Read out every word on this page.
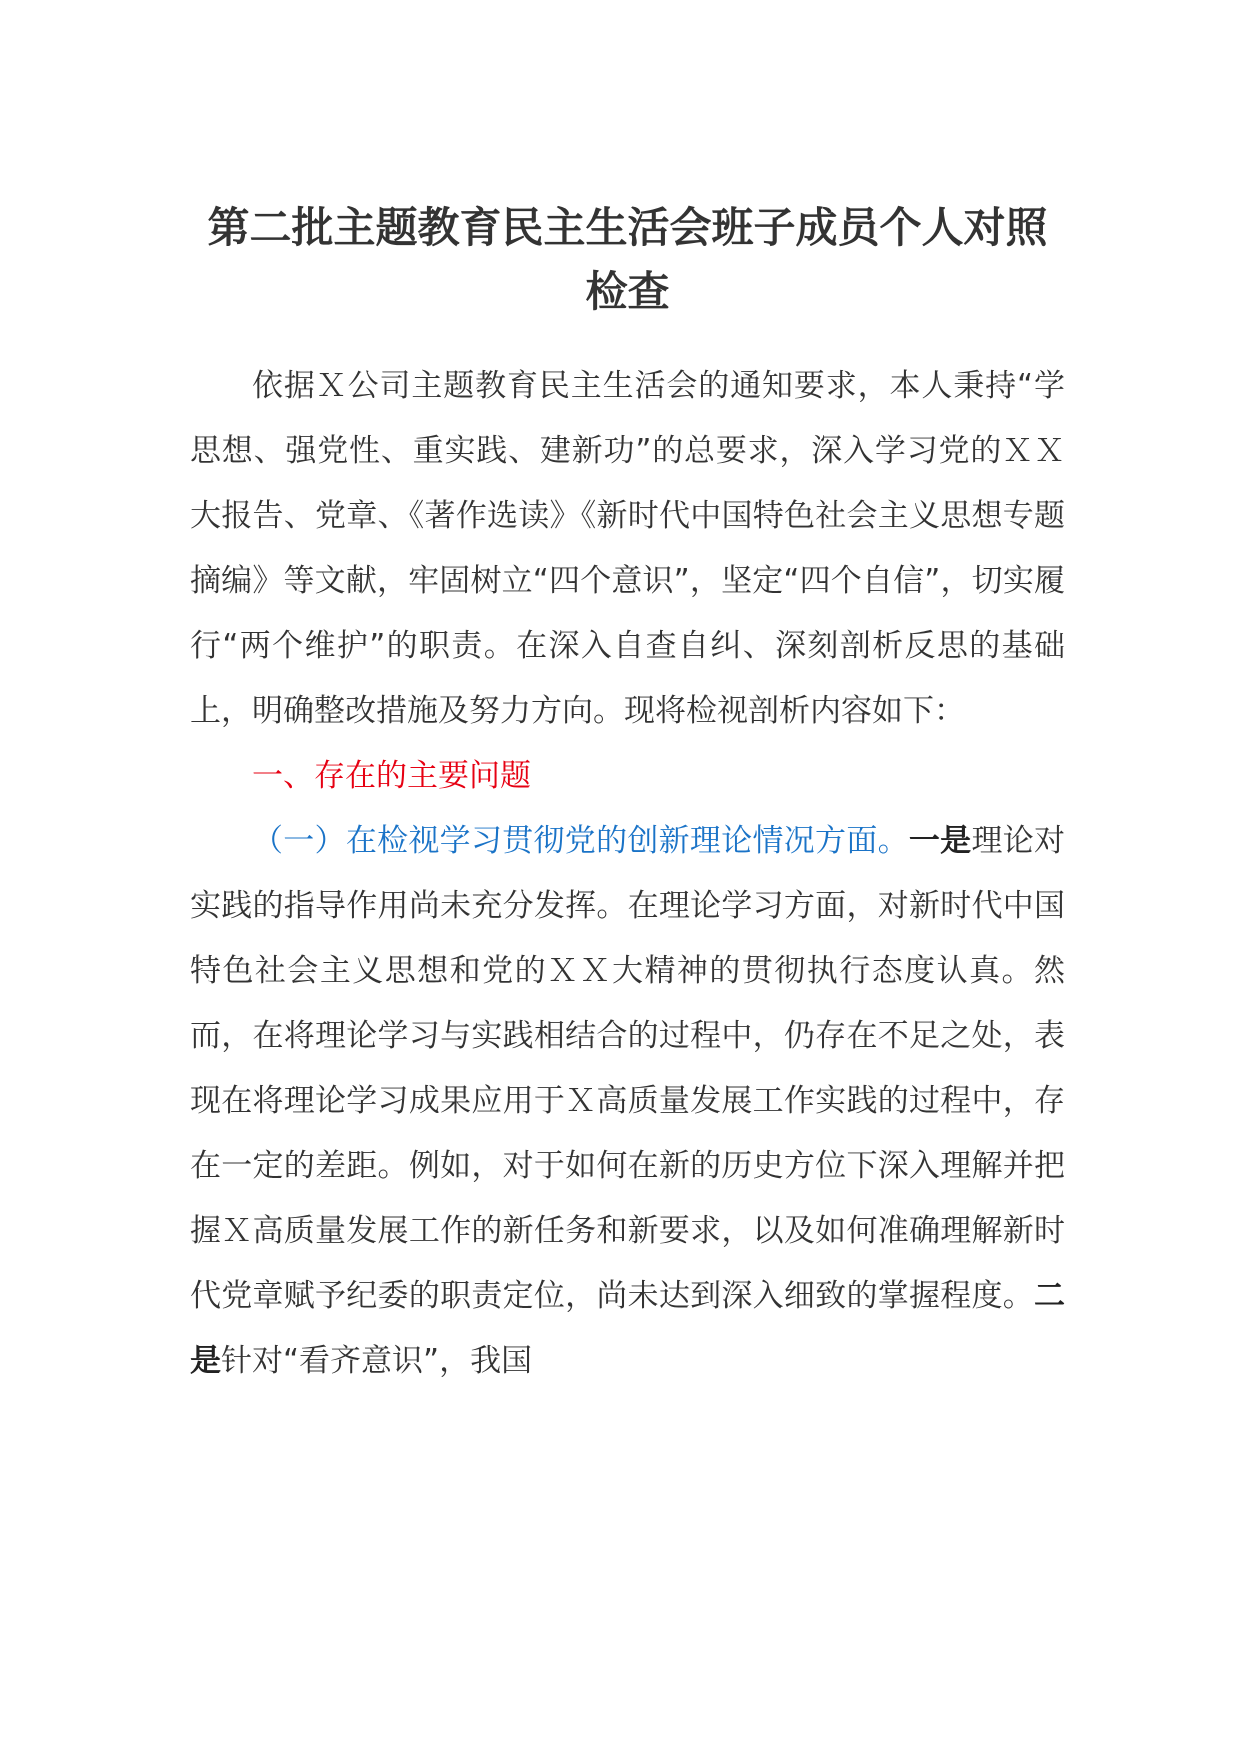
第二批主题教育民主生活会班子成员个人对照检查

依据Ｘ公司主题教育民主生活会的通知要求，本人秉持“学思想、强党性、重实践、建新功”的总要求，深入学习党的ＸＸ大报告、党章、《著作选读》《新时代中国特色社会主义思想专题摘编》等文献，牢固树立“四个意识”，坚定“四个自信”，切实履行“两个维护”的职责。在深入自查自纠、深刻剖析反思的基础上，明确整改措施及努力方向。现将检视剖析内容如下：

一、存在的主要问题

（一）在检视学习贯彻党的创新理论情况方面。一是理论对实践的指导作用尚未充分发挥。在理论学习方面，对新时代中国特色社会主义思想和党的ＸＸ大精神的贯彻执行态度认真。然而，在将理论学习与实践相结合的过程中，仍存在不足之处，表现在将理论学习成果应用于Ｘ高质量发展工作实践的过程中，存在一定的差距。例如，对于如何在新的历史方位下深入理解并把握Ｘ高质量发展工作的新任务和新要求，以及如何准确理解新时代党章赋予纪委的职责定位，尚未达到深入细致的掌握程度。二是针对“看齐意识”，我国
